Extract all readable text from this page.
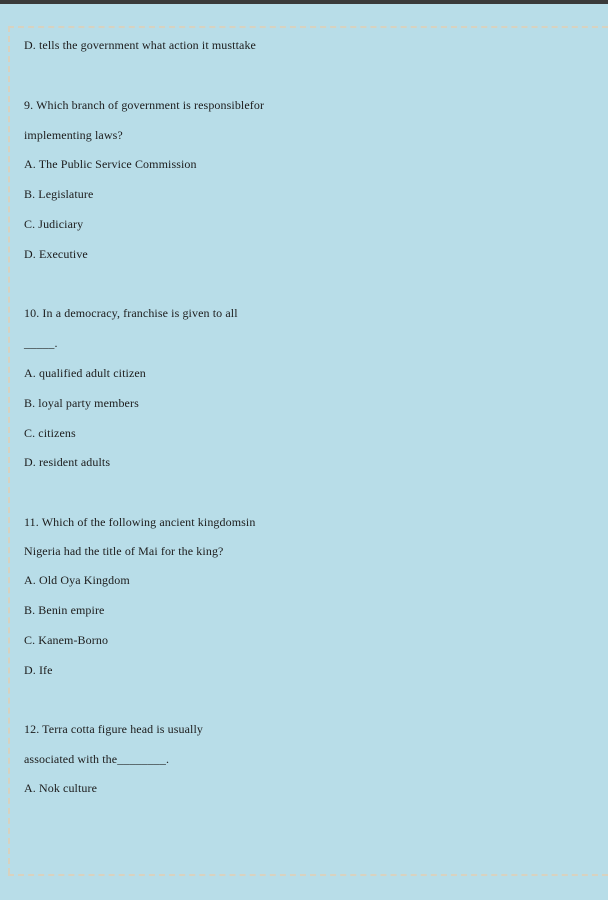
D. tells the government what action it musttake
9. Which branch of government is responsiblefor
implementing laws?
A. The Public Service Commission
B. Legislature
C. Judiciary
D. Executive
10. In a democracy, franchise is given to all
_____.
A. qualified adult citizen
B. loyal party members
C. citizens
D. resident adults
11. Which of the following ancient kingdomsin
Nigeria had the title of Mai for the king?
A. Old Oya Kingdom
B. Benin empire
C. Kanem-Borno
D. Ife
12. Terra cotta figure head is usually
associated with the________.
A. Nok culture
